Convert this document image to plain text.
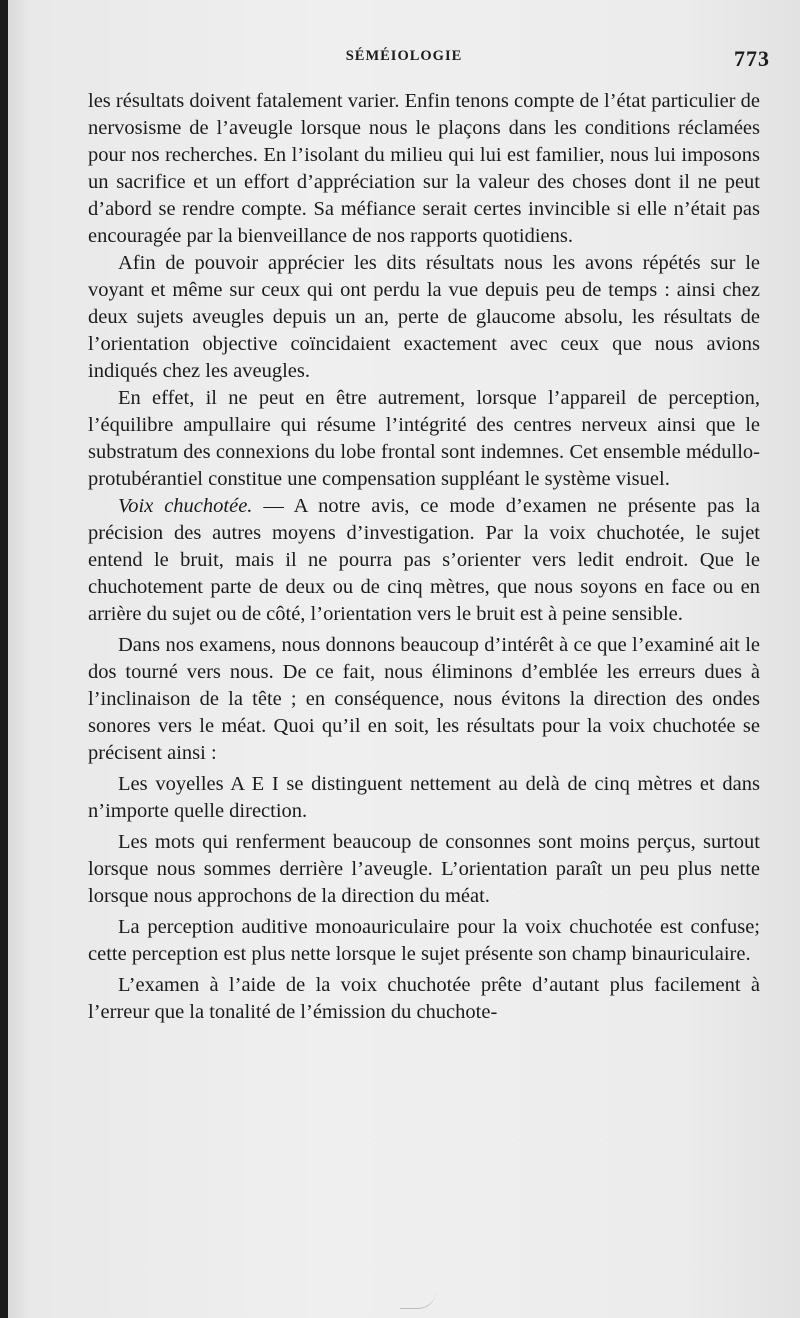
SÉMÉIOLOGIE	773

les résultats doivent fatalement varier. Enfin tenons compte de l’état particulier de nervosisme de l’aveugle lorsque nous le plaçons dans les conditions réclamées pour nos recherches. En l’isolant du milieu qui lui est familier, nous lui imposons un sacrifice et un effort d’appréciation sur la valeur des choses dont il ne peut d’abord se rendre compte. Sa méfiance serait certes invincible si elle n’était pas encouragée par la bienveillance de nos rapports quotidiens.

Afin de pouvoir apprécier les dits résultats nous les avons répétés sur le voyant et même sur ceux qui ont perdu la vue depuis peu de temps : ainsi chez deux sujets aveugles depuis un an, perte de glaucome absolu, les résultats de l’orientation objective coïncidaient exactement avec ceux que nous avions indiqués chez les aveugles.

En effet, il ne peut en être autrement, lorsque l’appareil de perception, l’équilibre ampullaire qui résume l’intégrité des centres nerveux ainsi que le substratum des connexions du lobe frontal sont indemnes. Cet ensemble médullo-protubérantiel constitue une compensation suppléant le système visuel.

Voix chuchotée. — A notre avis, ce mode d’examen ne présente pas la précision des autres moyens d’investigation. Par la voix chuchotée, le sujet entend le bruit, mais il ne pourra pas s’orienter vers ledit endroit. Que le chuchotement parte de deux ou de cinq mètres, que nous soyons en face ou en arrière du sujet ou de côté, l’orientation vers le bruit est à peine sensible.

Dans nos examens, nous donnons beaucoup d’intérêt à ce que l’examiné ait le dos tourné vers nous. De ce fait, nous éliminons d’emblée les erreurs dues à l’inclinaison de la tête ; en conséquence, nous évitons la direction des ondes sonores vers le méat. Quoi qu’il en soit, les résultats pour la voix chuchotée se précisent ainsi :

Les voyelles A E I se distinguent nettement au delà de cinq mètres et dans n’importe quelle direction.

Les mots qui renferment beaucoup de consonnes sont moins perçus, surtout lorsque nous sommes derrière l’aveugle. L’orientation paraît un peu plus nette lorsque nous approchons de la direction du méat.

La perception auditive monoauriculaire pour la voix chuchotée est confuse; cette perception est plus nette lorsque le sujet présente son champ binauriculaire.

L’examen à l’aide de la voix chuchotée prête d’autant plus facilement à l’erreur que la tonalité de l’émission du chuchote-
